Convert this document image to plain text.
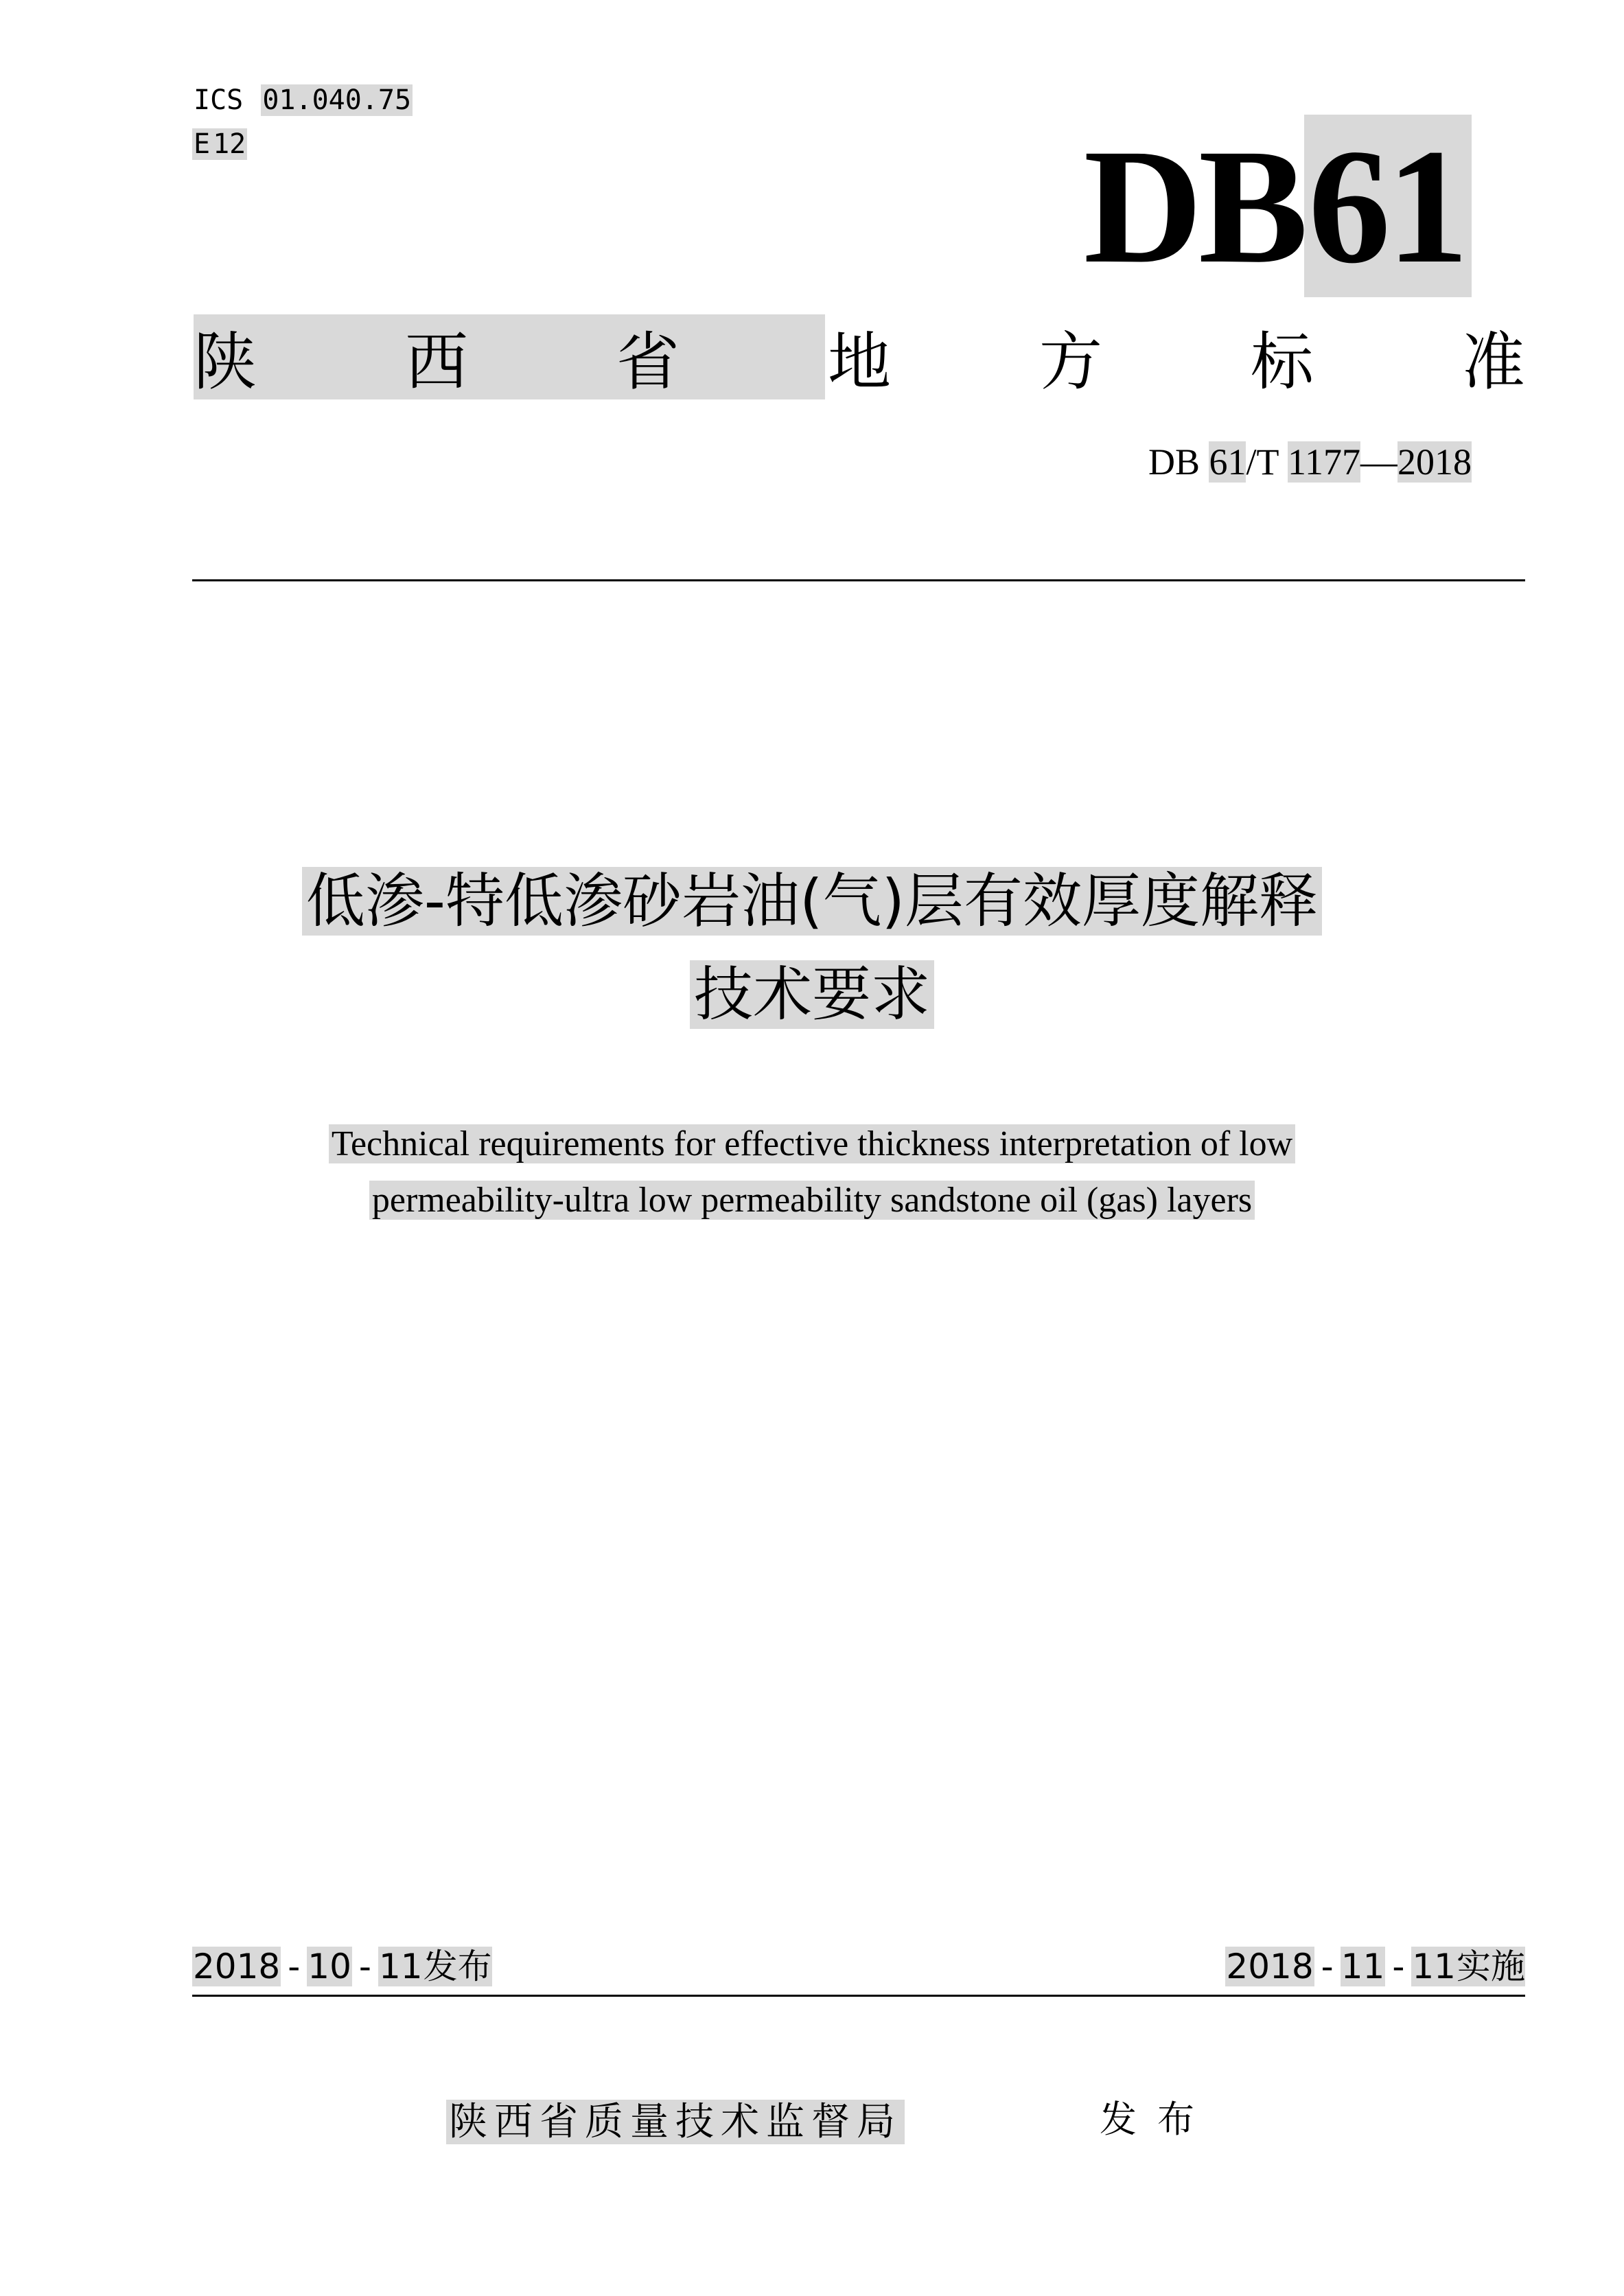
ICS 01.040.75
E 12	DB61
陕 西 省 地 方 标 准
DB 61/T 1177—2018
低渗-特低渗砂岩油(气)层有效厚度解释
技术要求
Technical requirements for effective thickness interpretation of low
permeability-ultra low permeability sandstone oil (gas) layers
2018 - 10 - 11发布	2018 - 11 - 11实施
陕西省质量技术监督局	发布
